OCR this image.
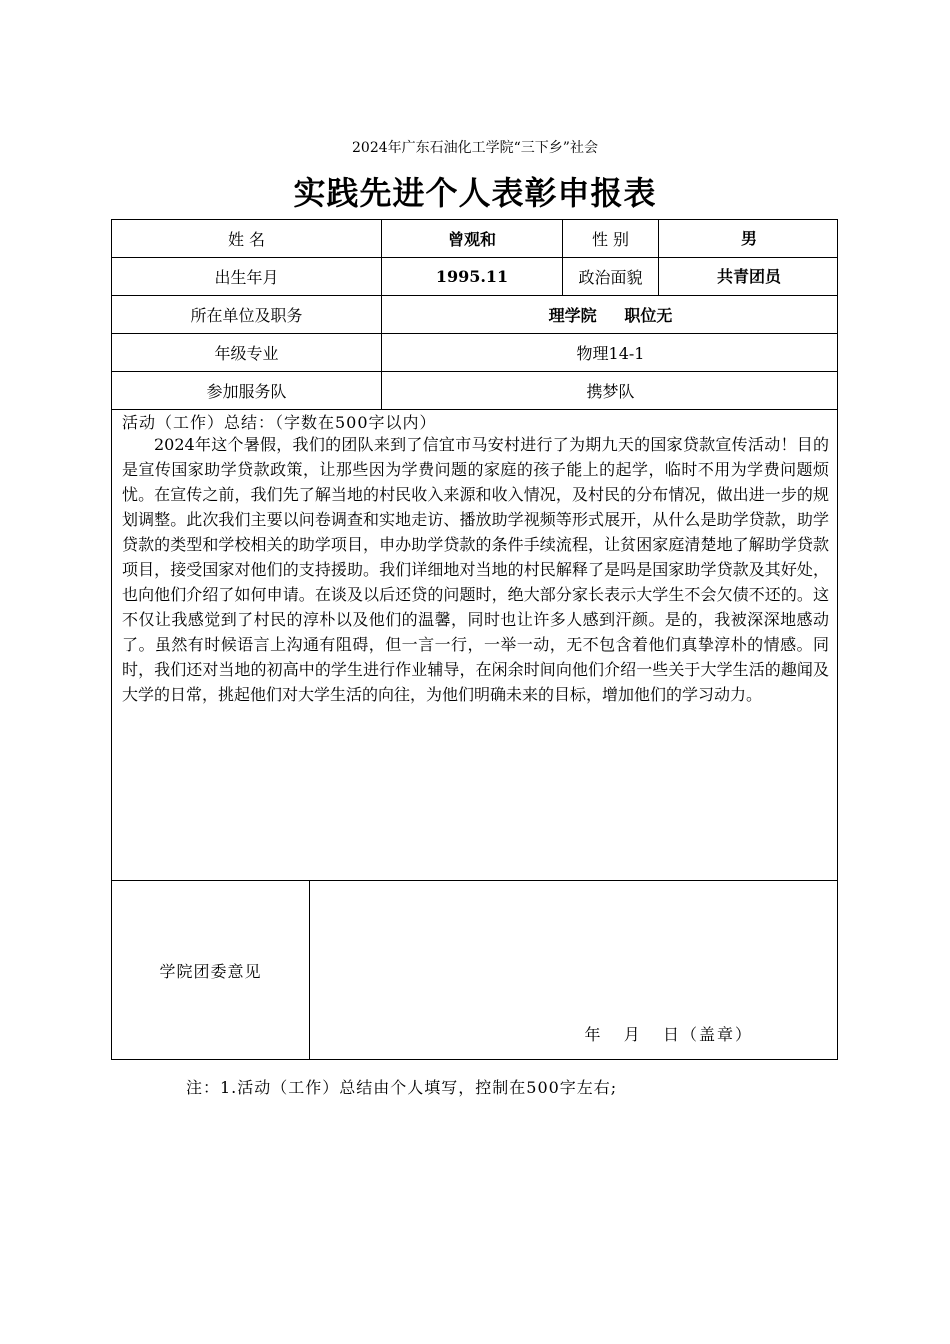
2024年广东石油化工学院“三下乡”社会
实践先进个人表彰申报表
姓 名	曾观和	性 别	男
出生年月	1995.11	政治面貌	共青团员
所在单位及职务	理学院     职位无
年级专业	物理14-1
参加服务队	携梦队
活动（工作）总结：（字数在500字以内）
2024年这个暑假，我们的团队来到了信宜市马安村进行了为期九天的国家贷款宣传活动！目的是宣传国家助学贷款政策，让那些因为学费问题的家庭的孩子能上的起学，临时不用为学费问题烦忧。在宣传之前，我们先了解当地的村民收入来源和收入情况，及村民的分布情况，做出进一步的规划调整。此次我们主要以问卷调查和实地走访、播放助学视频等形式展开，从什么是助学贷款，助学贷款的类型和学校相关的助学项目，申办助学贷款的条件手续流程，让贫困家庭清楚地了解助学贷款项目，接受国家对他们的支持援助。我们详细地对当地的村民解释了是吗是国家助学贷款及其好处，也向他们介绍了如何申请。在谈及以后还贷的问题时，绝大部分家长表示大学生不会欠债不还的。这不仅让我感觉到了村民的淳朴以及他们的温馨，同时也让许多人感到汗颜。是的，我被深深地感动了。虽然有时候语言上沟通有阻碍，但一言一行，一举一动，无不包含着他们真挚淳朴的情感。同时，我们还对当地的初高中的学生进行作业辅导，在闲余时间向他们介绍一些关于大学生活的趣闻及大学的日常，挑起他们对大学生活的向往，为他们明确未来的目标，增加他们的学习动力。
学院团委意见
年   月   日（盖章）
注：1.活动（工作）总结由个人填写，控制在500字左右;
